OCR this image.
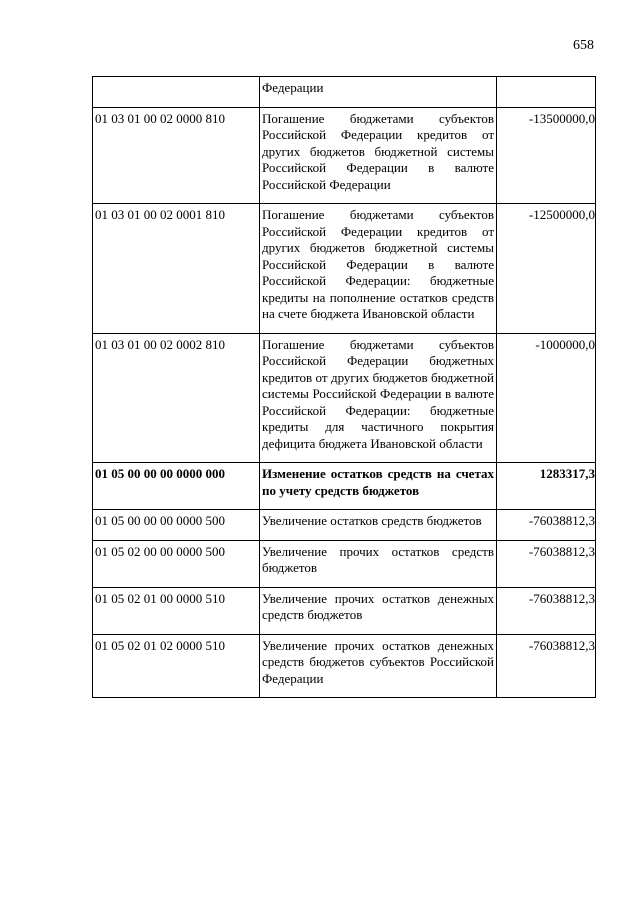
658
	Федерации	
01 03 01 00 02 0000 810	Погашение бюджетами субъектов Российской Федерации кредитов от других бюджетов бюджетной системы Российской Федерации в валюте Российской Федерации	-13500000,0
01 03 01 00 02 0001 810	Погашение бюджетами субъектов Российской Федерации кредитов от других бюджетов бюджетной системы Российской Федерации в валюте Российской Федерации: бюджетные кредиты на пополнение остатков средств на счете бюджета Ивановской области	-12500000,0
01 03 01 00 02 0002 810	Погашение бюджетами субъектов Российской Федерации бюджетных кредитов от других бюджетов бюджетной системы Российской Федерации в валюте Российской Федерации: бюджетные кредиты для частичного покрытия дефицита бюджета Ивановской области	-1000000,0
01 05 00 00 00 0000 000	Изменение остатков средств на счетах по учету средств бюджетов	1283317,3
01 05 00 00 00 0000 500	Увеличение остатков средств бюджетов	-76038812,3
01 05 02 00 00 0000 500	Увеличение прочих остатков средств бюджетов	-76038812,3
01 05 02 01 00 0000 510	Увеличение прочих остатков денежных средств бюджетов	-76038812,3
01 05 02 01 02 0000 510	Увеличение прочих остатков денежных средств бюджетов субъектов Российской Федерации	-76038812,3
